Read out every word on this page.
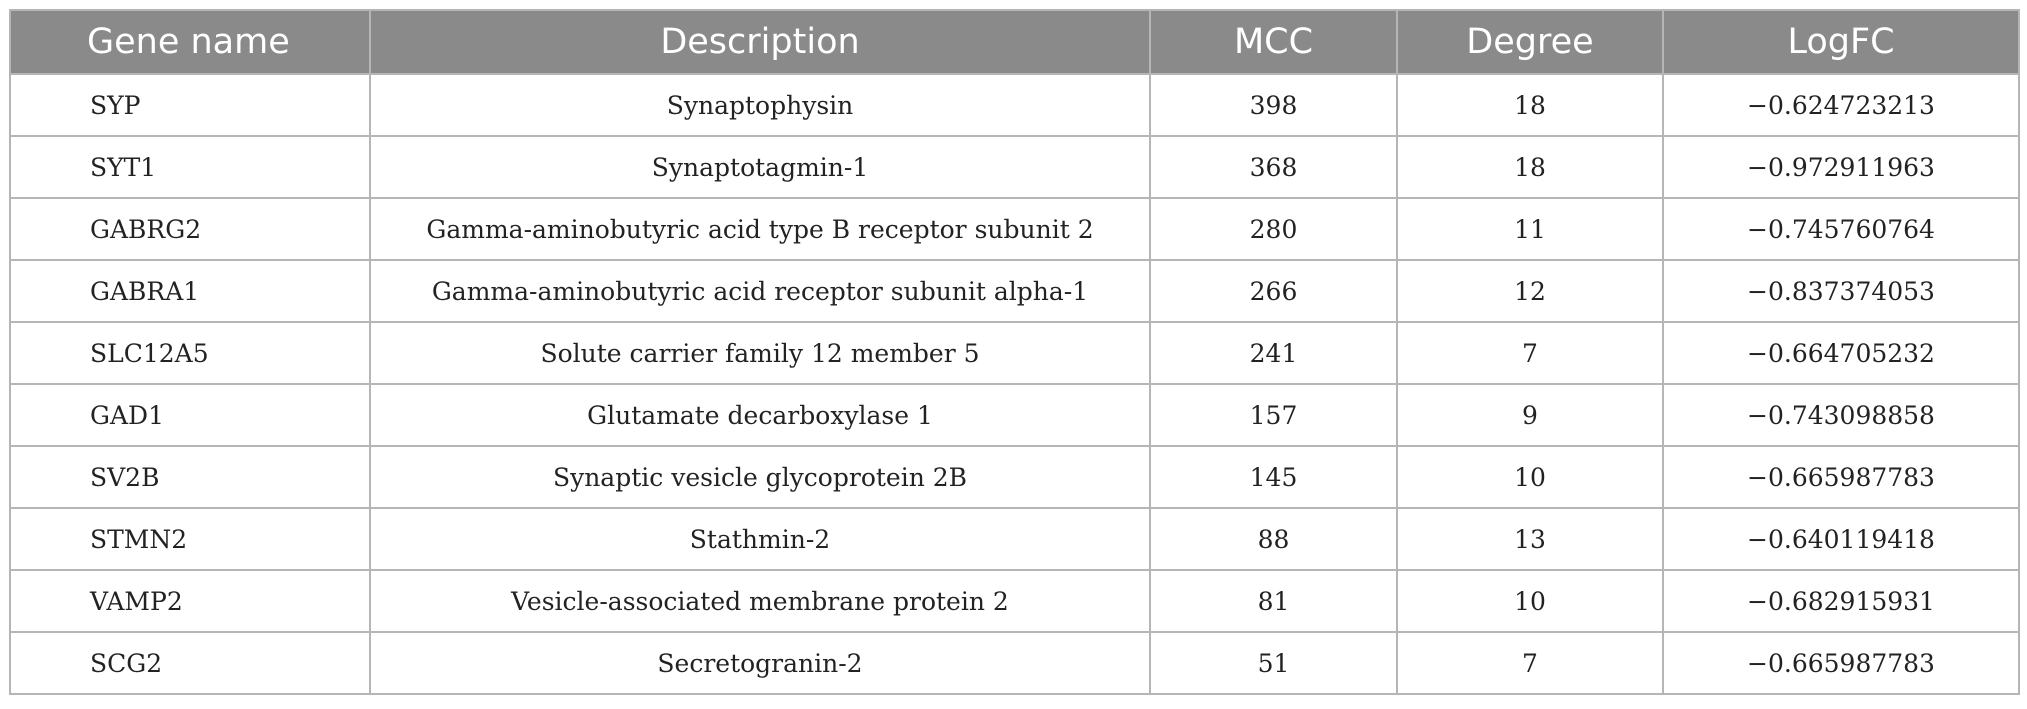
Gene name	Description	MCC	Degree	LogFC
SYP	Synaptophysin	398	18	−0.624723213
SYT1	Synaptotagmin-1	368	18	−0.972911963
GABRG2	Gamma-aminobutyric acid type B receptor subunit 2	280	11	−0.745760764
GABRA1	Gamma-aminobutyric acid receptor subunit alpha-1	266	12	−0.837374053
SLC12A5	Solute carrier family 12 member 5	241	7	−0.664705232
GAD1	Glutamate decarboxylase 1	157	9	−0.743098858
SV2B	Synaptic vesicle glycoprotein 2B	145	10	−0.665987783
STMN2	Stathmin-2	88	13	−0.640119418
VAMP2	Vesicle-associated membrane protein 2	81	10	−0.682915931
SCG2	Secretogranin-2	51	7	−0.665987783
